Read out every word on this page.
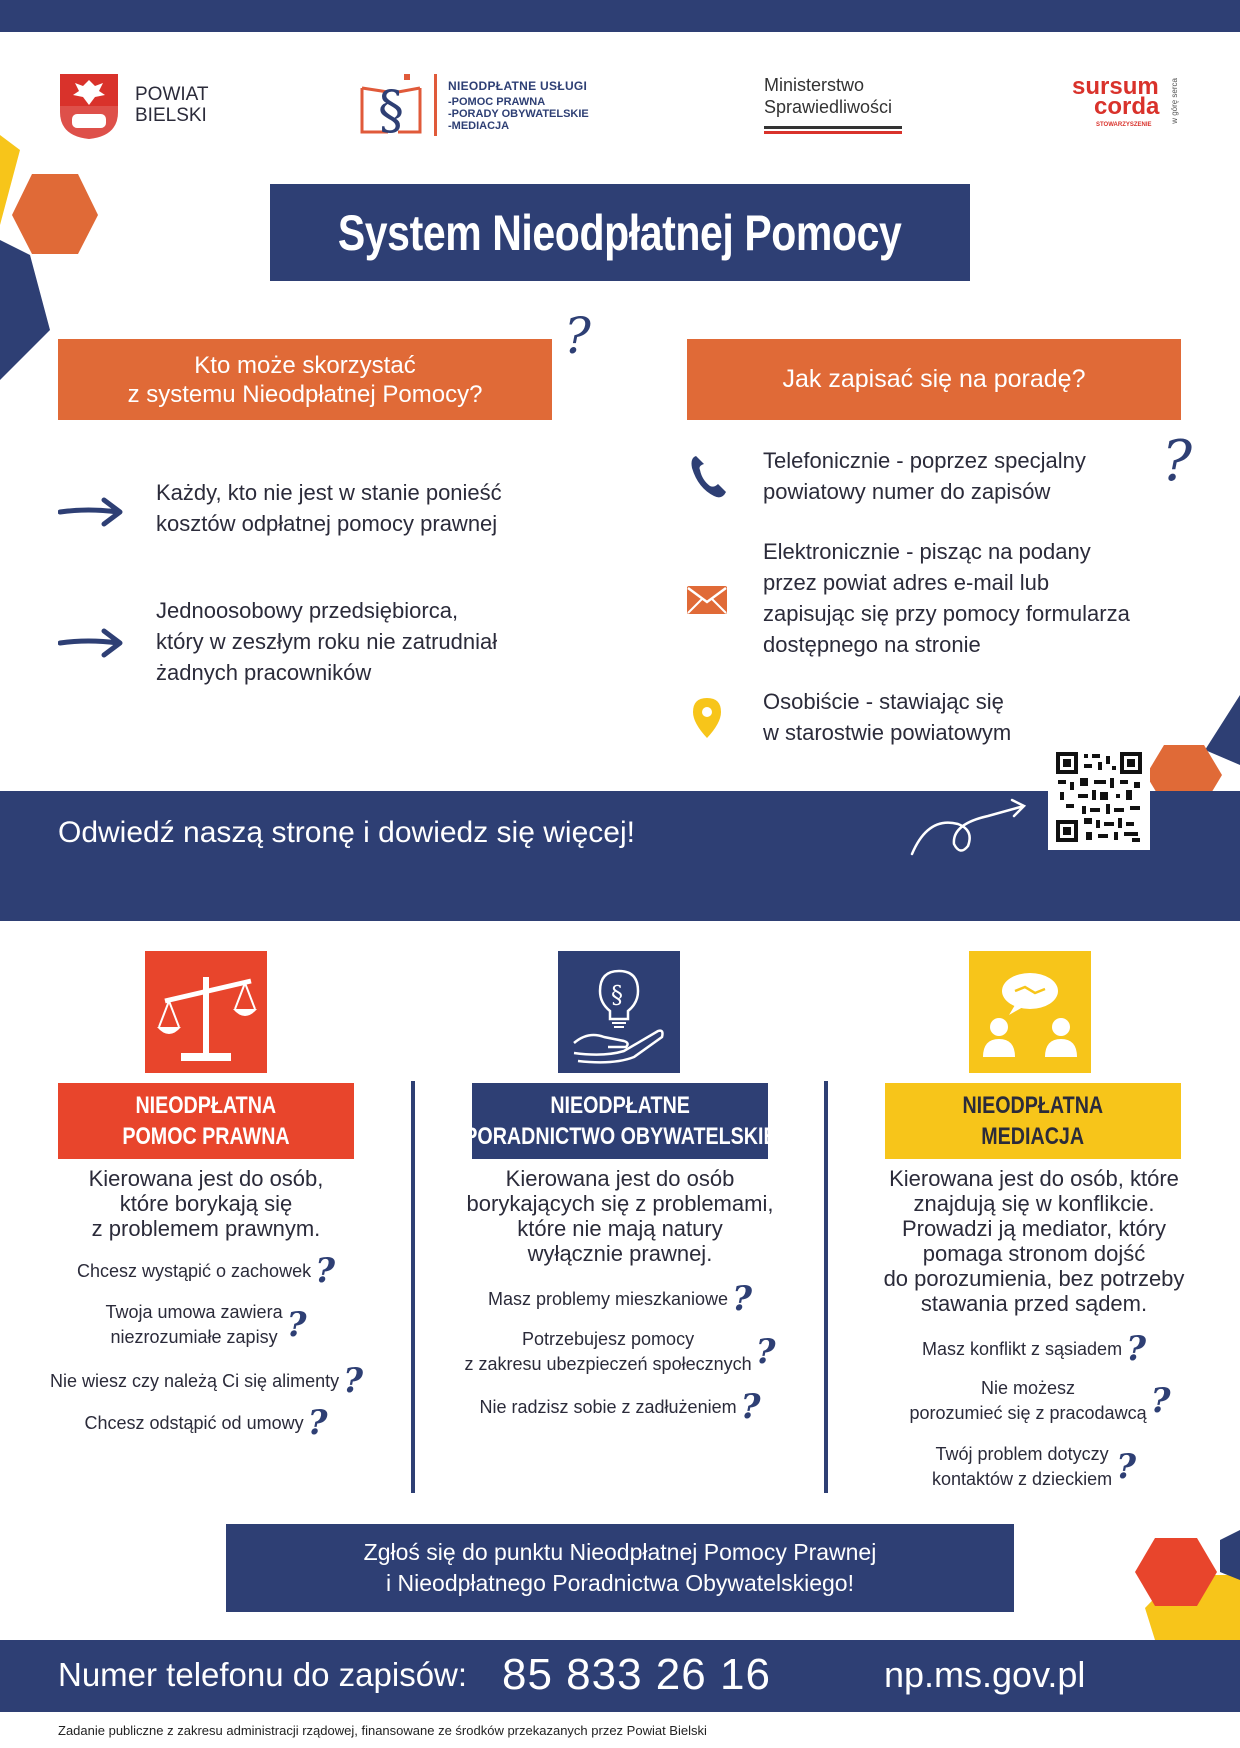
POWIAT
BIELSKI	§	NIEODPŁATNE USŁUGI
-POMOC PRAWNA
-PORADY OBYWATELSKIE
-MEDIACJA
Ministerstwo
Sprawiedliwości
sursum
corda
STOWARZYSZENIE
w górę serca
System Nieodpłatnej Pomocy
Kto może skorzystać
z systemu Nieodpłatnej Pomocy?
?
Każdy, kto nie jest w stanie ponieść
kosztów odpłatnej pomocy prawnej
Jednoosobowy przedsiębiorca,
który w zeszłym roku nie zatrudniał
żadnych pracowników
Jak zapisać się na poradę?
Telefonicznie - poprzez specjalny
powiatowy numer do zapisów	?
Elektronicznie - pisząc na podany
przez powiat adres e-mail lub
zapisując się przy pomocy formularza
dostępnego na stronie
Osobiście - stawiając się
w starostwie powiatowym
Odwiedź naszą stronę i dowiedz się więcej!
§
NIEODPŁATNA
POMOC PRAWNA
NIEODPŁATNE
PORADNICTWO OBYWATELSKIE
NIEODPŁATNA
MEDIACJA
Kierowana jest do osób,
które borykają się
z problemem prawnym.
Chcesz wystąpić o zachowek ?
Twoja umowa zawiera
niezrozumiałe zapisy ?
Nie wiesz czy należą Ci się alimenty ?
Chcesz odstąpić od umowy ?
Kierowana jest do osób
borykających się z problemami,
które nie mają natury
wyłącznie prawnej.
Masz problemy mieszkaniowe ?
Potrzebujesz pomocy
z zakresu ubezpieczeń społecznych ?
Nie radzisz sobie z zadłużeniem ?
Kierowana jest do osób, które
znajdują się w konflikcie.
Prowadzi ją mediator, który
pomaga stronom dojść
do porozumienia, bez potrzeby
stawania przed sądem.
Masz konflikt z sąsiadem ?
Nie możesz
porozumieć się z pracodawcą ?
Twój problem dotyczy
kontaktów z dzieckiem ?
Zgłoś się do punktu Nieodpłatnej Pomocy Prawnej
i Nieodpłatnego Poradnictwa Obywatelskiego!
Numer telefonu do zapisów: 85 833 26 16	np.ms.gov.pl
Zadanie publiczne z zakresu administracji rządowej, finansowane ze środków przekazanych przez Powiat Bielski
